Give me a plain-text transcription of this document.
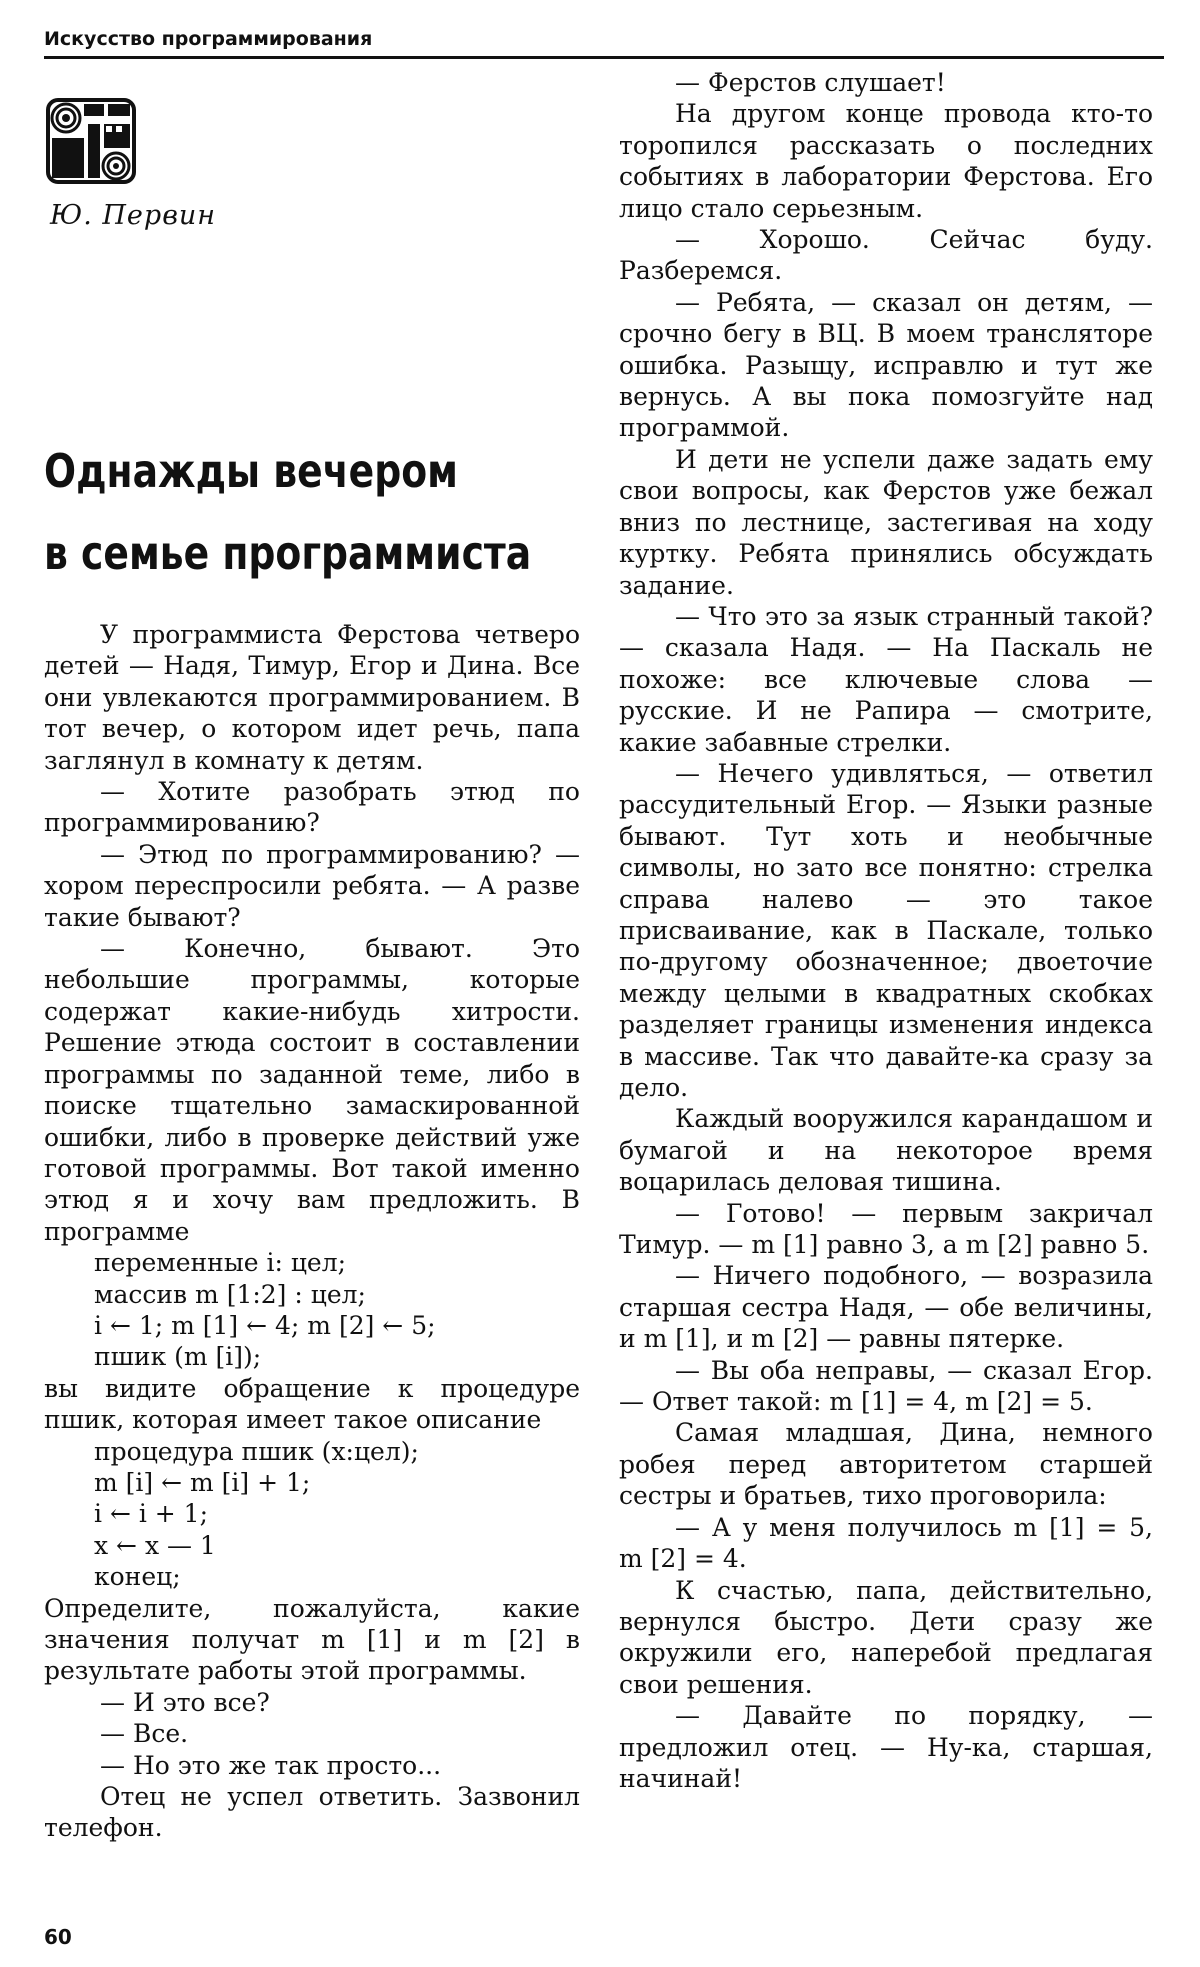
Искусство программирования
Ю. Первин
Однажды вечером
в семье программиста

У программиста Ферстова четверо детей — Надя, Тимур, Егор и Дина. Все они увлекаются программированием. В тот вечер, о котором идет речь, папа заглянул в комнату к детям.

— Хотите разобрать этюд по программированию?

— Этюд по программированию? — хором переспросили ребята. — А разве такие бывают?

— Конечно, бывают. Это небольшие программы, которые содержат какие-нибудь хитрости. Решение этюда состоит в составлении программы по заданной теме, либо в поиске тщательно замаскированной ошибки, либо в проверке действий уже готовой программы. Вот такой именно этюд я и хочу вам предложить. В программе

переменные i: цел;
массив m [1:2] : цел;
i ← 1; m [1] ← 4; m [2] ← 5;
пшик (m [i]);

вы видите обращение к процедуре пшик, которая имеет такое описание

процедура пшик (x:цел);
m [i] ← m [i] + 1;
i ← i + 1;
x ← x — 1
конец;

Определите, пожалуйста, какие значения получат m [1] и m [2] в результате работы этой программы.

— И это все?

— Все.

— Но это же так просто...

Отец не успел ответить. Зазвонил телефон.

— Ферстов слушает!

На другом конце провода кто-то торопился рассказать о последних событиях в лаборатории Ферстова. Его лицо стало серьезным.

— Хорошо. Сейчас буду. Разберемся.

— Ребята, — сказал он детям, — срочно бегу в ВЦ. В моем трансляторе ошибка. Разыщу, исправлю и тут же вернусь. А вы пока помозгуйте над программой.

И дети не успели даже задать ему свои вопросы, как Ферстов уже бежал вниз по лестнице, застегивая на ходу куртку. Ребята принялись обсуждать задание.

— Что это за язык странный такой? — сказала Надя. — На Паскаль не похоже: все ключевые слова — русские. И не Рапира — смотрите, какие забавные стрелки.

— Нечего удивляться, — ответил рассудительный Егор. — Языки разные бывают. Тут хоть и необычные символы, но зато все понятно: стрелка справа налево — это такое присваивание, как в Паскале, только по-другому обозначенное; двоеточие между целыми в квадратных скобках разделяет границы изменения индекса в массиве. Так что давайте-ка сразу за дело.

Каждый вооружился карандашом и бумагой и на некоторое время воцарилась деловая тишина.

— Готово! — первым закричал Тимур. — m [1] равно 3, а m [2] равно 5.

— Ничего подобного, — возразила старшая сестра Надя, — обе величины, и m [1], и m [2] — равны пятерке.

— Вы оба неправы, — сказал Егор. — Ответ такой: m [1] = 4, m [2] = 5.

Самая младшая, Дина, немного робея перед авторитетом старшей сестры и братьев, тихо проговорила:

— А у меня получилось m [1] = 5, m [2] = 4.

К счастью, папа, действительно, вернулся быстро. Дети сразу же окружили его, наперебой предлагая свои решения.

— Давайте по порядку, — предложил отец. — Ну-ка, старшая, начинай!

60
